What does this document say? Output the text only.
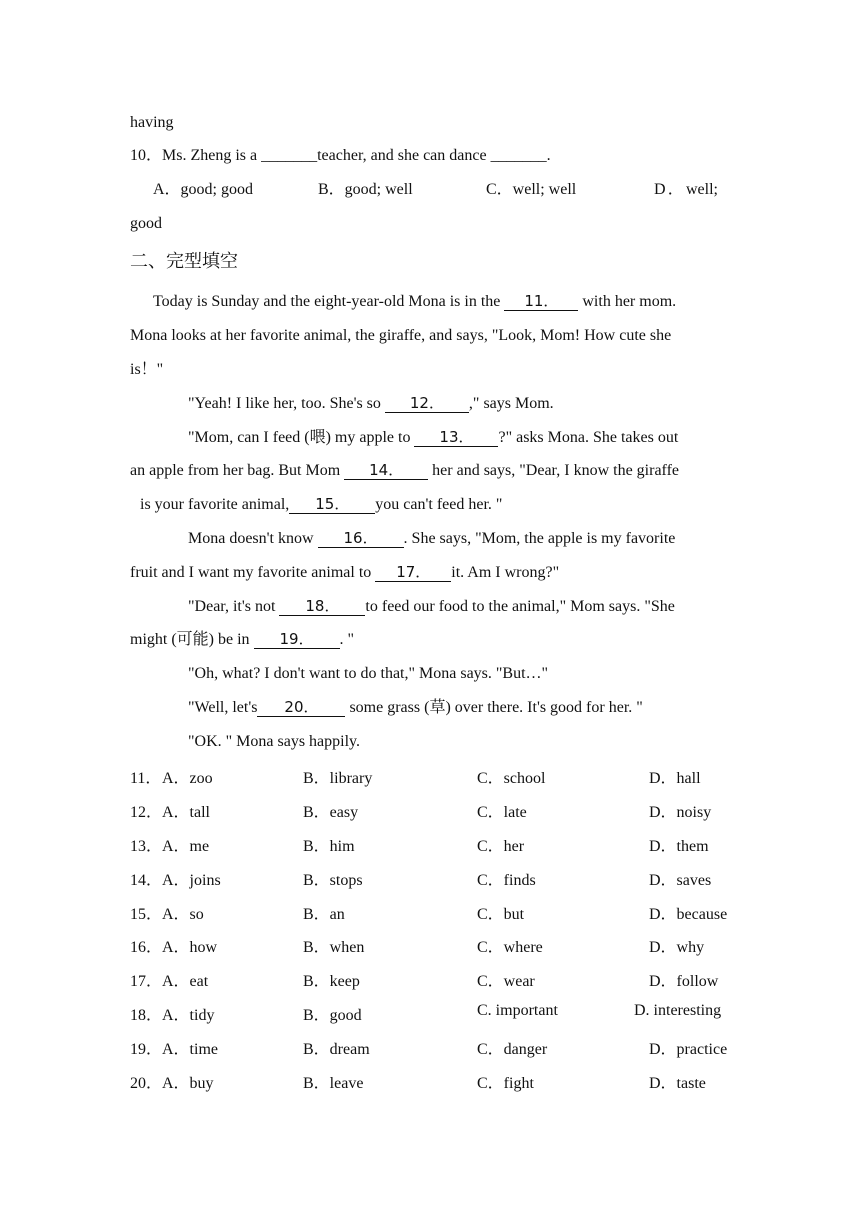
having
10．Ms. Zheng is a _______teacher, and she can dance _______.
A．good; good	B．good; well	C．well; well	D．well;
good
二、完型填空
Today is Sunday and the eight-year-old Mona is in the 11． with her mom.
Mona looks at her favorite animal, the giraffe, and says, "Look, Mom! How cute she
is！"
"Yeah! I like her, too. She's so 12． ," says Mom.
"Mom, can I feed (喂) my apple to 13． ?" asks Mona. She takes out
an apple from her bag. But Mom 14． her and says, "Dear, I know the giraffe
is your favorite animal, 15． you can't feed her. "
Mona doesn't know 16． . She says, "Mom, the apple is my favorite
fruit and I want my favorite animal to 17． it. Am I wrong?"
"Dear, it's not 18． to feed our food to the animal," Mom says. "She
might (可能) be in 19． . "
"Oh, what? I don't want to do that," Mona says. "But…"
"Well, let's 20． some grass (草) over there. It's good for her. "
"OK. " Mona says happily.
11． A．zoo	B．library	C．school	D．hall
12． A．tall	B．easy	C．late	D．noisy
13． A．me	B．him	C．her	D．them
14． A．joins	B．stops	C．finds	D．saves
15． A．so	B．an	C．but	D．because
16． A．how	B．when	C．where	D．why
17． A．eat	B．keep	C．wear	D．follow
18． A．tidy	B．good	C. important	D. interesting
19． A．time	B．dream	C．danger	D．practice
20． A．buy	B．leave	C．fight	D．taste
